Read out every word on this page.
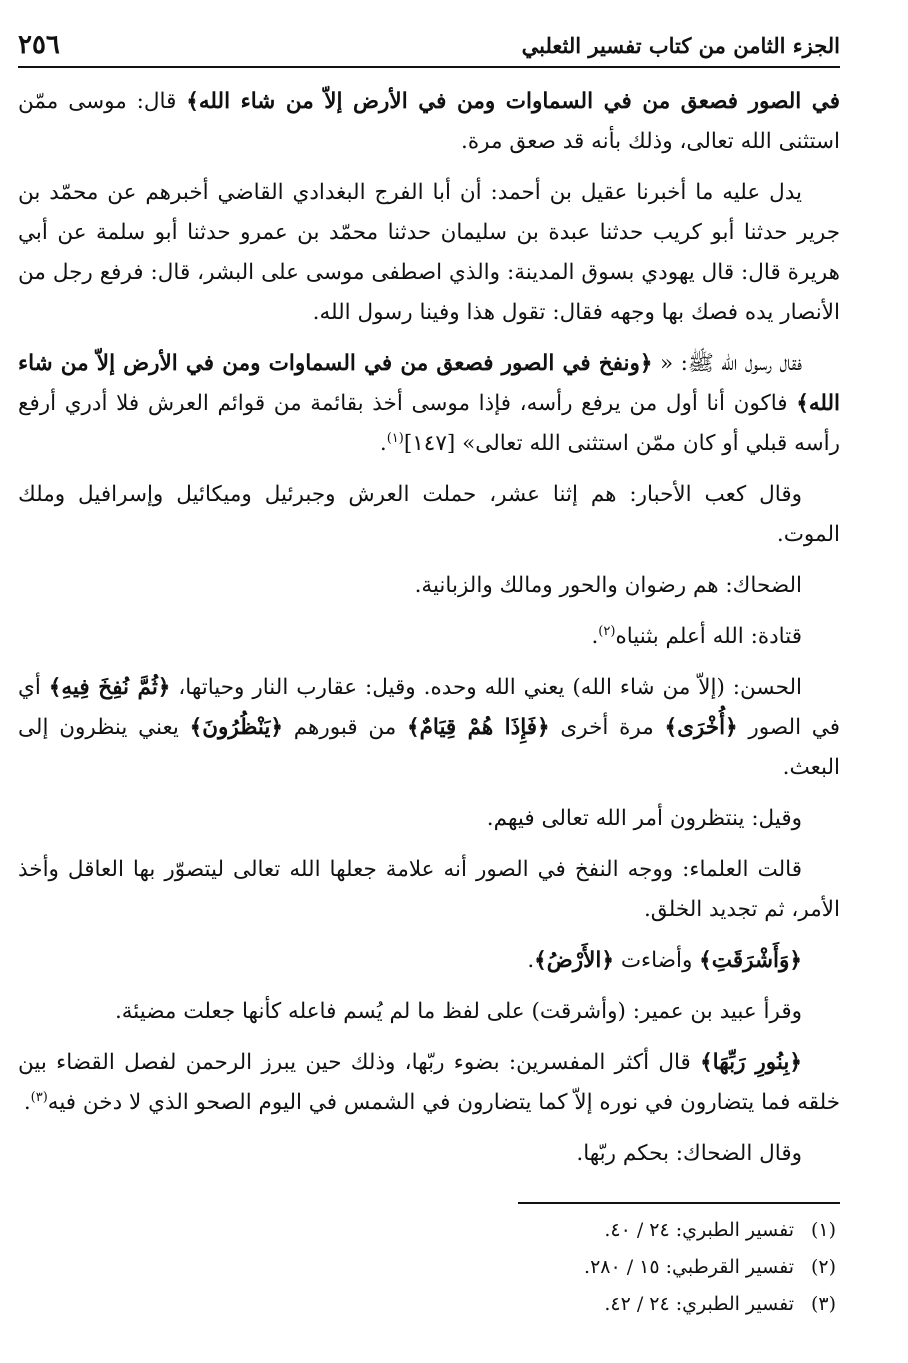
الجزء الثامن من كتاب تفسير الثعلبي
٢٥٦

في الصور فصعق من في السماوات ومن في الأرض إلاّ من شاء الله﴾ قال: موسى ممّن استثنى الله تعالى، وذلك بأنه قد صعق مرة.

يدل عليه ما أخبرنا عقيل بن أحمد: أن أبا الفرج البغدادي القاضي أخبرهم عن محمّد بن جرير حدثنا أبو كريب حدثنا عبدة بن سليمان حدثنا محمّد بن عمرو حدثنا أبو سلمة عن أبي هريرة قال: قال يهودي بسوق المدينة: والذي اصطفى موسى على البشر، قال: فرفع رجل من الأنصار يده فصك بها وجهه فقال: تقول هذا وفينا رسول الله.

فقال رسول الله ﷺ: « ﴿ونفخ في الصور فصعق من في السماوات ومن في الأرض إلاّ من شاء الله﴾ فاكون أنا أول من يرفع رأسه، فإذا موسى أخذ بقائمة من قوائم العرش فلا أدري أرفع رأسه قبلي أو كان ممّن استثنى الله تعالى» [١٤٧]$^{(١)}$.

وقال كعب الأحبار: هم إثنا عشر، حملت العرش وجبرئيل وميكائيل وإسرافيل وملك الموت.

الضحاك: هم رضوان والحور ومالك والزبانية.

قتادة: الله أعلم بثنياه$^{(٢)}$.

الحسن: (إلاّ من شاء الله) يعني الله وحده. وقيل: عقارب النار وحياتها، ﴿ثُمَّ نُفِخَ فِيهِ﴾ أي في الصور ﴿أُخْرَى﴾ مرة أخرى ﴿فَإِذَا هُمْ قِيَامٌ﴾ من قبورهم ﴿يَنْظُرُونَ﴾ يعني ينظرون إلى البعث.

وقيل: ينتظرون أمر الله تعالى فيهم.

قالت العلماء: ووجه النفخ في الصور أنه علامة جعلها الله تعالى ليتصوّر بها العاقل وأخذ الأمر، ثم تجديد الخلق.

﴿وَأَشْرَقَتِ﴾ وأضاءت ﴿الأَرْضُ﴾.

وقرأ عبيد بن عمير: (وأشرقت) على لفظ ما لم يُسم فاعله كأنها جعلت مضيئة.

﴿بِنُورِ رَبِّهَا﴾ قال أكثر المفسرين: بضوء ربّها، وذلك حين يبرز الرحمن لفصل القضاء بين خلقه فما يتضارون في نوره إلاّ كما يتضارون في الشمس في اليوم الصحو الذي لا دخن فيه$^{(٣)}$.

وقال الضحاك: بحكم ربّها.

(١)
تفسير الطبري: ٢٤ / ٤٠.
(٢)
تفسير القرطبي: ١٥ / ٢٨٠.
(٣)
تفسير الطبري: ٢٤ / ٤٢.
